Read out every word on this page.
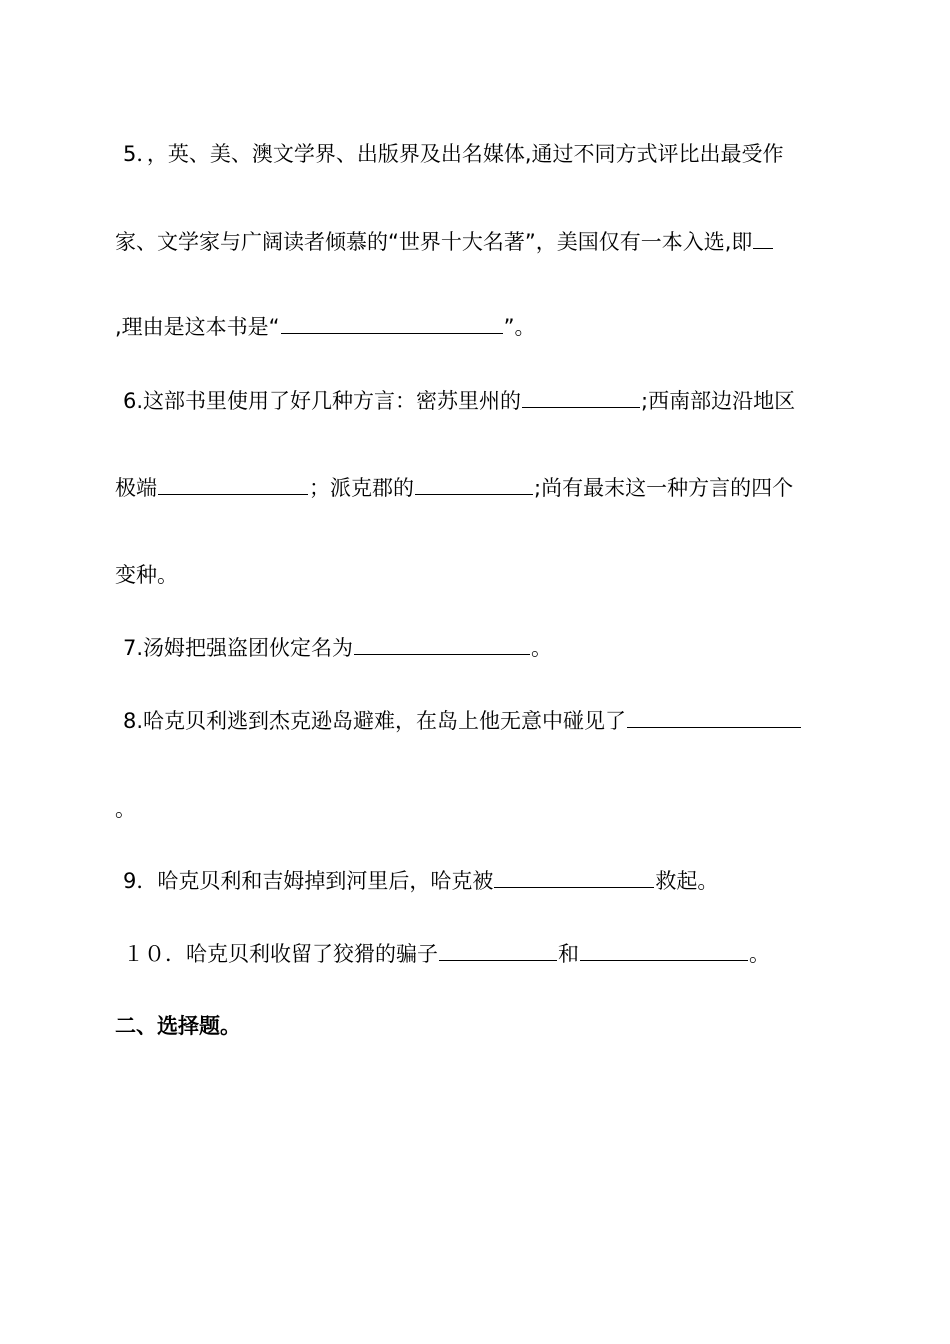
5．，英、美、澳文学界、出版界及出名媒体,通过不同方式评比出最受作
家、文学家与广阔读者倾慕的“世界十大名著”，美国仅有一本入选,即
,理由是这本书是“	”。
6.这部书里使用了好几种方言：密苏里州的	;西南部边沿地区
极端	；派克郡的	;尚有最末这一种方言的四个
变种。
7.汤姆把强盗团伙定名为	。
8.哈克贝利逃到杰克逊岛避难，在岛上他无意中碰见了
。
9．哈克贝利和吉姆掉到河里后，哈克被	救起。
１０．哈克贝利收留了狡猾的骗子	和	。
二、选择题。
